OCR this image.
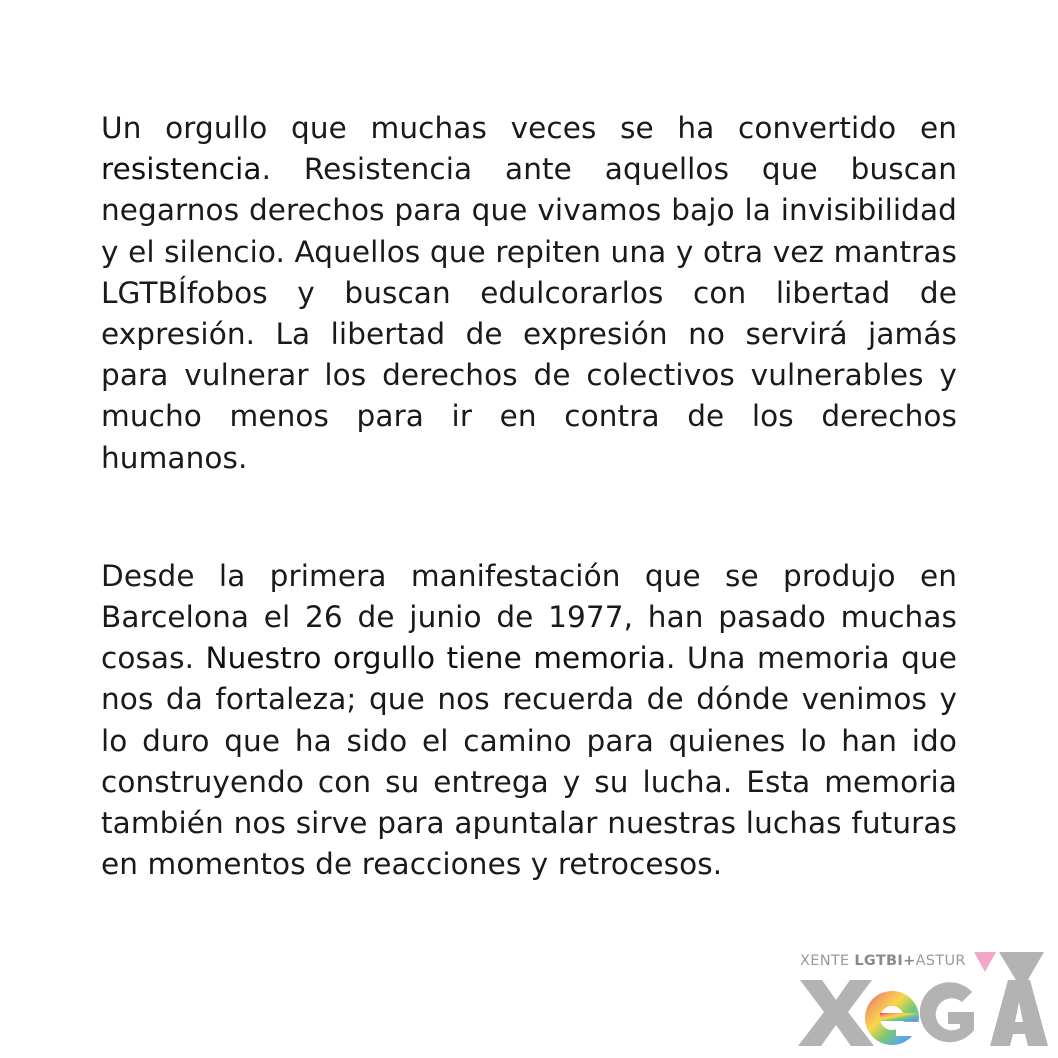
Un orgullo que muchas veces se ha convertido en resistencia. Resistencia ante aquellos que buscan negarnos derechos para que vivamos bajo la invisibilidad y el silencio. Aquellos que repiten una y otra vez mantras LGTBÍfobos y buscan edulcorarlos con libertad de expresión. La libertad de expresión no servirá jamás para vulnerar los derechos de colectivos vulnerables y mucho menos para ir en contra de los derechos humanos.

Desde la primera manifestación que se produjo en Barcelona el 26 de junio de 1977, han pasado muchas cosas. Nuestro orgullo tiene memoria. Una memoria que nos da fortaleza; que nos recuerda de dónde venimos y lo duro que ha sido el camino para quienes lo han ido construyendo con su entrega y su lucha. Esta memoria también nos sirve para apuntalar nuestras luchas futuras en momentos de reacciones y retrocesos.

XENTE LGTBI+ASTUR
